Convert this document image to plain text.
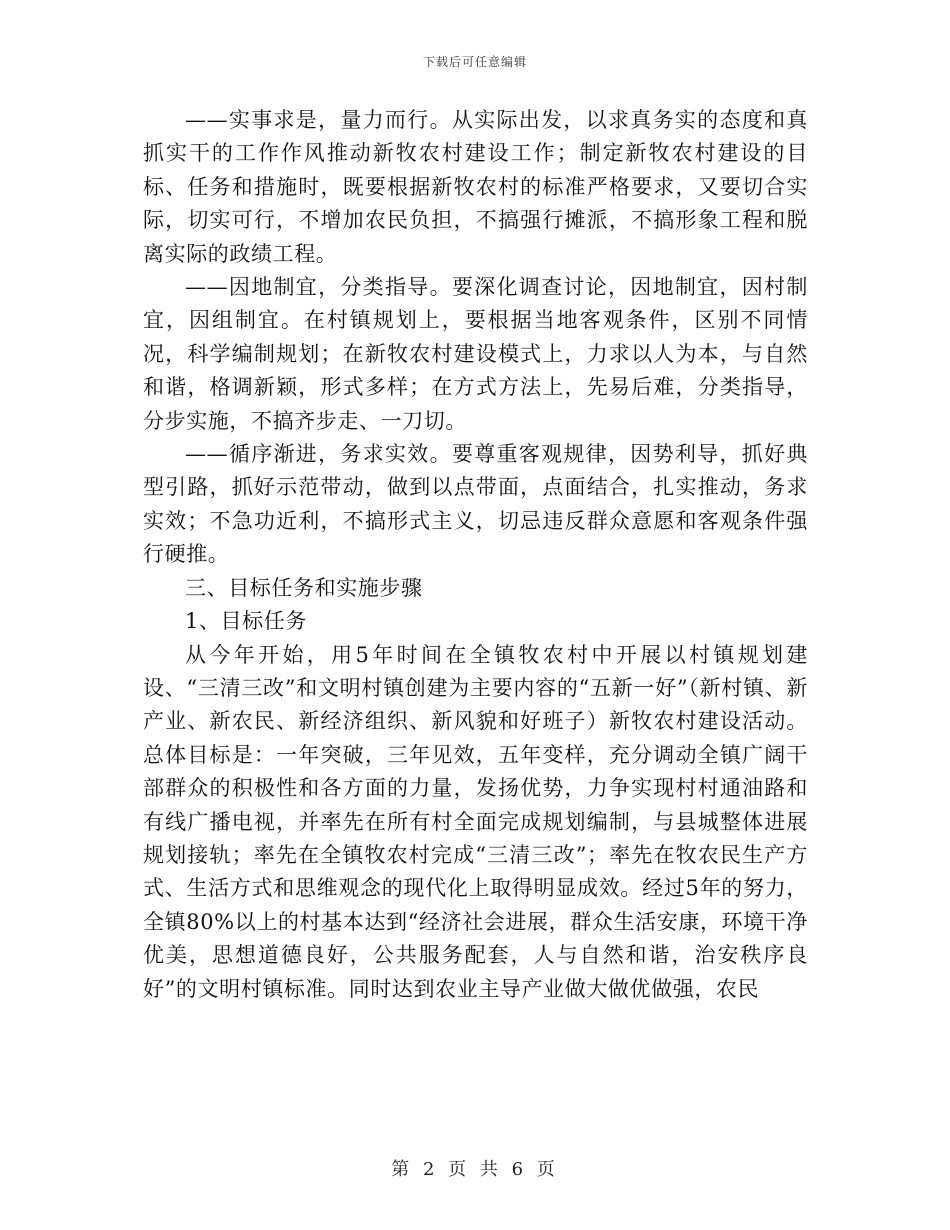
下载后可任意编辑

——实事求是，量力而行。从实际出发，以求真务实的态度和真抓实干的工作作风推动新牧农村建设工作；制定新牧农村建设的目标、任务和措施时，既要根据新牧农村的标准严格要求，又要切合实际，切实可行，不增加农民负担，不搞强行摊派，不搞形象工程和脱离实际的政绩工程。

——因地制宜，分类指导。要深化调查讨论，因地制宜，因村制宜，因组制宜。在村镇规划上，要根据当地客观条件，区别不同情况，科学编制规划；在新牧农村建设模式上，力求以人为本，与自然和谐，格调新颖，形式多样；在方式方法上，先易后难，分类指导，分步实施，不搞齐步走、一刀切。

——循序渐进，务求实效。要尊重客观规律，因势利导，抓好典型引路，抓好示范带动，做到以点带面，点面结合，扎实推动，务求实效；不急功近利，不搞形式主义，切忌违反群众意愿和客观条件强行硬推。

三、目标任务和实施步骤

1、目标任务

从今年开始，用5年时间在全镇牧农村中开展以村镇规划建设、“三清三改”和文明村镇创建为主要内容的“五新一好”（新村镇、新产业、新农民、新经济组织、新风貌和好班子）新牧农村建设活动。总体目标是：一年突破，三年见效，五年变样，充分调动全镇广阔干部群众的积极性和各方面的力量，发扬优势，力争实现村村通油路和有线广播电视，并率先在所有村全面完成规划编制，与县城整体进展规划接轨；率先在全镇牧农村完成“三清三改”；率先在牧农民生产方式、生活方式和思维观念的现代化上取得明显成效。经过5年的努力，全镇80%以上的村基本达到“经济社会进展，群众生活安康，环境干净优美，思想道德良好，公共服务配套，人与自然和谐，治安秩序良好”的文明村镇标准。同时达到农业主导产业做大做优做强，农民

第 2 页 共 6 页
